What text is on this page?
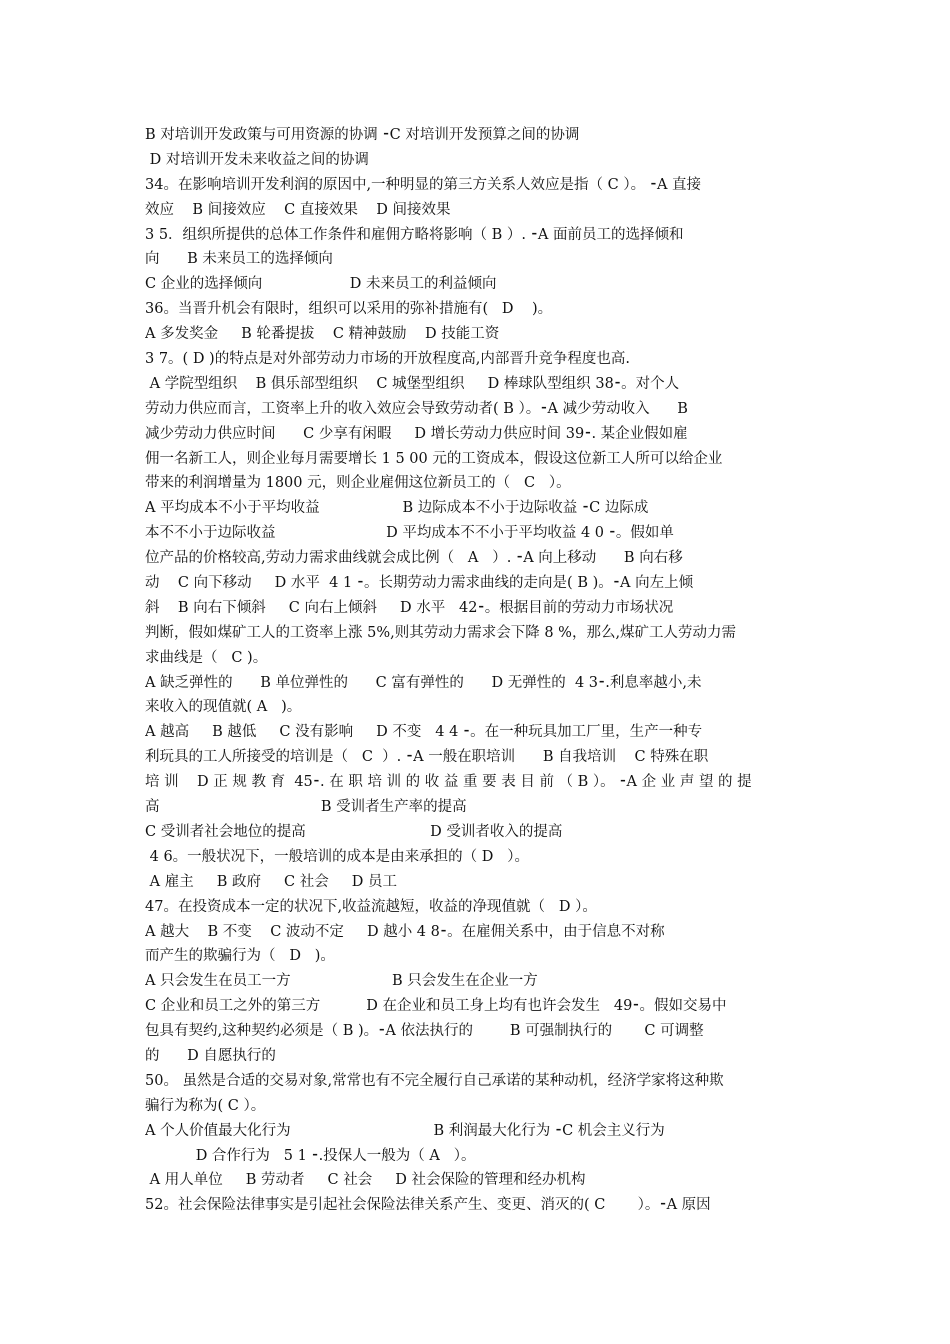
B 对培训开发政策与可用资源的协调 ⁃C 对培训开发预算之间的协调
D 对培训开发未来收益之间的协调
34。在影响培训开发利润的原因中,一种明显的第三方关系人效应是指（ C ）。 ⁃A 直接
效应    B 间接效应    C 直接效果    D 间接效果
3 5．组织所提供的总体工作条件和雇佣方略将影响（ B ）. ⁃A 面前员工的选择倾和
向      B 未来员工的选择倾向
C 企业的选择倾向                   D 未来员工的利益倾向
36。当晋升机会有限时，组织可以采用的弥补措施有(   D    )。
A 多发奖金     B 轮番提拔    C 精神鼓励    D 技能工资
3 7。( D )的特点是对外部劳动力市场的开放程度高,内部晋升竞争程度也高.
A 学院型组织    B 俱乐部型组织    C 城堡型组织     D 棒球队型组织 38⁃。对个人
劳动力供应而言，工资率上升的收入效应会导致劳动者( B ）。⁃A 减少劳动收入      B
减少劳动力供应时间      C 少享有闲暇     D 增长劳动力供应时间 39⁃. 某企业假如雇
佣一名新工人，则企业每月需要增长 1 5 00 元的工资成本，假设这位新工人所可以给企业
带来的利润增量为 1800 元，则企业雇佣这位新员工的（   C   ）。
A 平均成本不小于平均收益                  B 边际成本不小于边际收益 ⁃C 边际成
本不不小于边际收益                        D 平均成本不不小于平均收益 4 0 ⁃。假如单
位产品的价格较高,劳动力需求曲线就会成比例（   A   ）. ⁃A 向上移动      B 向右移
动    C 向下移动     D 水平  4 1 ⁃。长期劳动力需求曲线的走向是( B )。⁃A 向左上倾
斜    B 向右下倾斜     C 向右上倾斜     D 水平   42⁃。根据目前的劳动力市场状况
判断，假如煤矿工人的工资率上涨 5%,则其劳动力需求会下降 8 %，那么,煤矿工人劳动力需
求曲线是（   C )。
A 缺乏弹性的      B 单位弹性的      C 富有弹性的      D 无弹性的  4 3⁃.利息率越小,未
来收入的现值就( A   )。
A 越高     B 越低     C 没有影响     D 不变   4 4 ⁃。在一种玩具加工厂里，生产一种专
利玩具的工人所接受的培训是（   C  ）. ⁃A 一般在职培训      B 自我培训    C 特殊在职
培 训    D 正 规 教 育  45⁃. 在 职 培 训 的 收 益 重 要 表 目 前 （ B ）。 ⁃A 企 业 声 望 的 提
高                                   B 受训者生产率的提高
C 受训者社会地位的提高                           D 受训者收入的提高
4 6。一般状况下，一般培训的成本是由来承担的（ D   ）。
A 雇主     B 政府     C 社会     D 员工
47。在投资成本一定的状况下,收益流越短，收益的净现值就（   D ）。
A 越大    B 不变    C 波动不定     D 越小 4 8⁃。在雇佣关系中，由于信息不对称
而产生的欺骗行为（   D   )。
A 只会发生在员工一方                      B 只会发生在企业一方
C 企业和员工之外的第三方          D 在企业和员工身上均有也许会发生   49⁃。假如交易中
包具有契约,这种契约必须是（ B )。⁃A 依法执行的        B 可强制执行的       C 可调整
的      D 自愿执行的
50。 虽然是合适的交易对象,常常也有不完全履行自己承诺的某种动机，经济学家将这种欺
骗行为称为( C ）。
A 个人价值最大化行为                               B 利润最大化行为 ⁃C 机会主义行为
D 合作行为   5 1 ⁃.投保人一般为（ A   ）。
A 用人单位     B 劳动者     C 社会     D 社会保险的管理和经办机构
52。社会保险法律事实是引起社会保险法律关系产生、变更、消灭的( C       ）。⁃A 原因
